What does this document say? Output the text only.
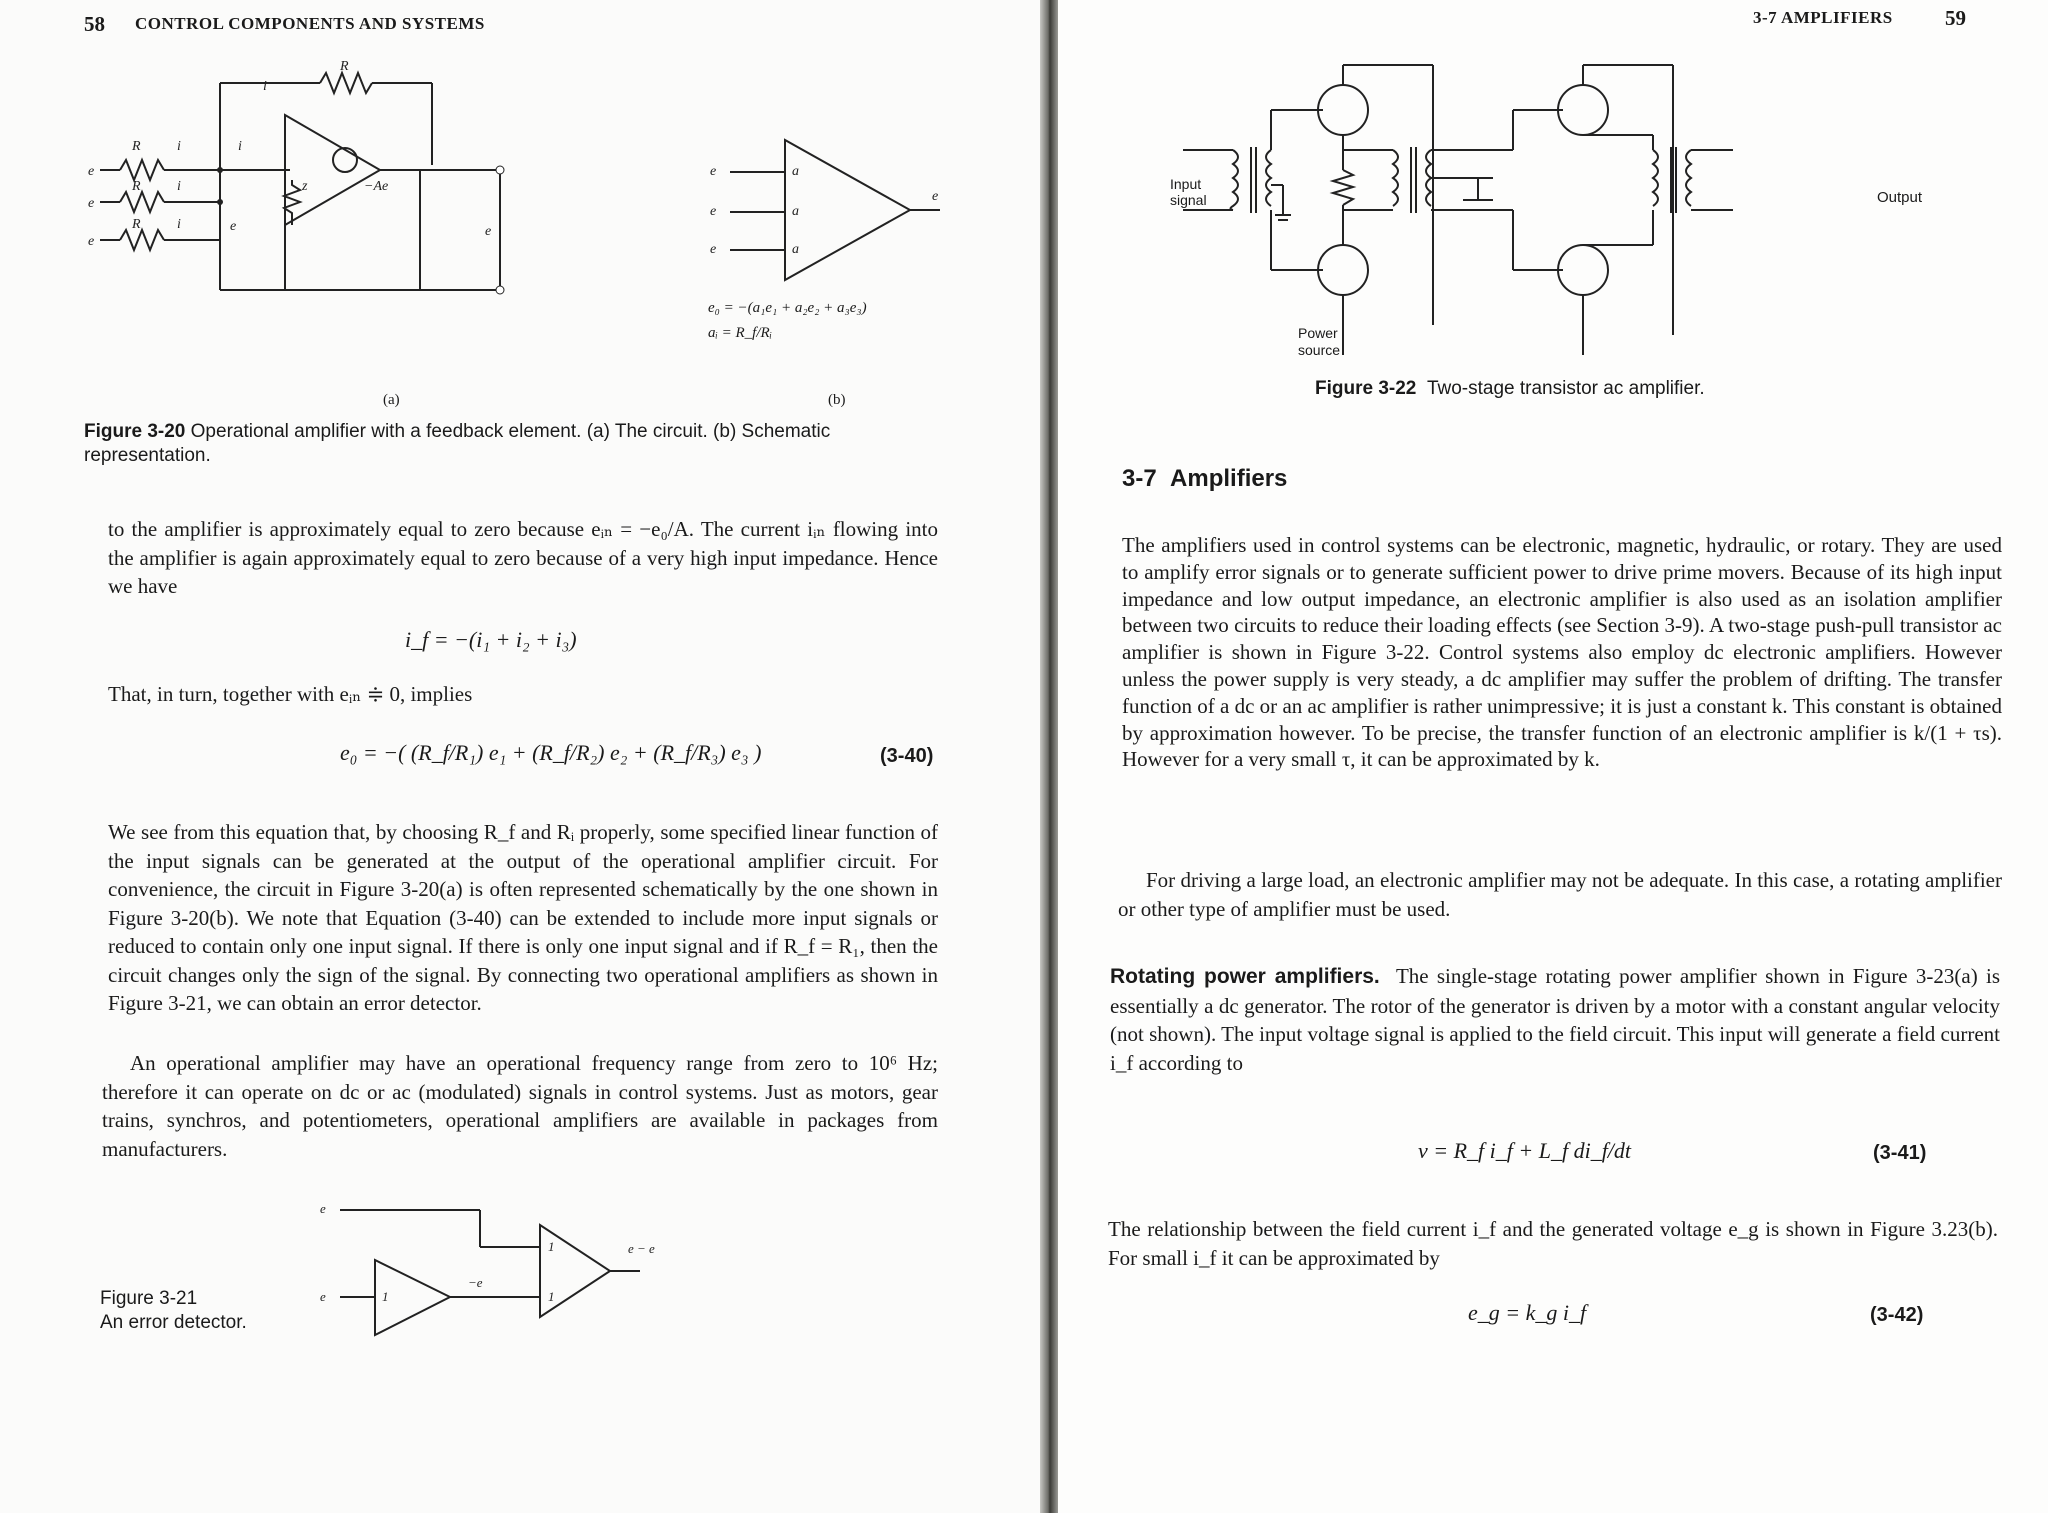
58 CONTROL COMPONENTS AND SYSTEMS
R
i
R	i
R	i
R	i
e
e
e
i
z
e	e
−Ae
e
e
e
a
a
a
e
e₀ = −(a₁e₁ + a₂e₂ + a₃e₃)
aᵢ = R_f/Rᵢ
(a)	(b)
Figure 3-20 Operational amplifier with a feedback element. (a) The circuit. (b) Schematic representation.
to the amplifier is approximately equal to zero because eᵢₙ = −e₀/A. The current iᵢₙ flowing into the amplifier is again approximately equal to zero because of a very high input impedance. Hence we have
i_f = −(i₁ + i₂ + i₃)
That, in turn, together with eᵢₙ ≑ 0, implies
e₀ = −( (R_f/R₁) e₁ + (R_f/R₂) e₂ + (R_f/R₃) e₃ )	(3-40)
We see from this equation that, by choosing R_f and Rᵢ properly, some specified linear function of the input signals can be generated at the output of the operational amplifier circuit. For convenience, the circuit in Figure 3-20(a) is often represented schematically by the one shown in Figure 3-20(b). We note that Equation (3-40) can be extended to include more input signals or reduced to contain only one input signal. If there is only one input signal and if R_f = R₁, then the circuit changes only the sign of the signal. By connecting two operational amplifiers as shown in Figure 3-21, we can obtain an error detector.
An operational amplifier may have an operational frequency range from zero to 10⁶ Hz; therefore it can operate on dc or ac (modulated) signals in control systems. Just as motors, gear trains, synchros, and potentiometers, operational amplifiers are available in packages from manufacturers.
e
e	1
1
1
−e
e − e
Figure 3-21
An error detector.
3-7 AMPLIFIERS 59
Input
signal	Output
Power
source
Figure 3-22 Two-stage transistor ac amplifier.
3-7 Amplifiers
The amplifiers used in control systems can be electronic, magnetic, hydraulic, or rotary. They are used to amplify error signals or to generate sufficient power to drive prime movers. Because of its high input impedance and low output impedance, an electronic amplifier is also used as an isolation amplifier between two circuits to reduce their loading effects (see Section 3-9). A two-stage push-pull transistor ac amplifier is shown in Figure 3-22. Control systems also employ dc electronic amplifiers. However unless the power supply is very steady, a dc amplifier may suffer the problem of drifting. The transfer function of a dc or an ac amplifier is rather unimpressive; it is just a constant k. This constant is obtained by approximation however. To be precise, the transfer function of an electronic amplifier is k/(1 + τs). However for a very small τ, it can be approximated by k.
For driving a large load, an electronic amplifier may not be adequate. In this case, a rotating amplifier or other type of amplifier must be used.
Rotating power amplifiers. The single-stage rotating power amplifier shown in Figure 3-23(a) is essentially a dc generator. The rotor of the generator is driven by a motor with a constant angular velocity (not shown). The input voltage signal is applied to the field circuit. This input will generate a field current i_f according to
v = R_f i_f + L_f di_f/dt	(3-41)
The relationship between the field current i_f and the generated voltage e_g is shown in Figure 3.23(b). For small i_f it can be approximated by
e_g = k_g i_f	(3-42)
